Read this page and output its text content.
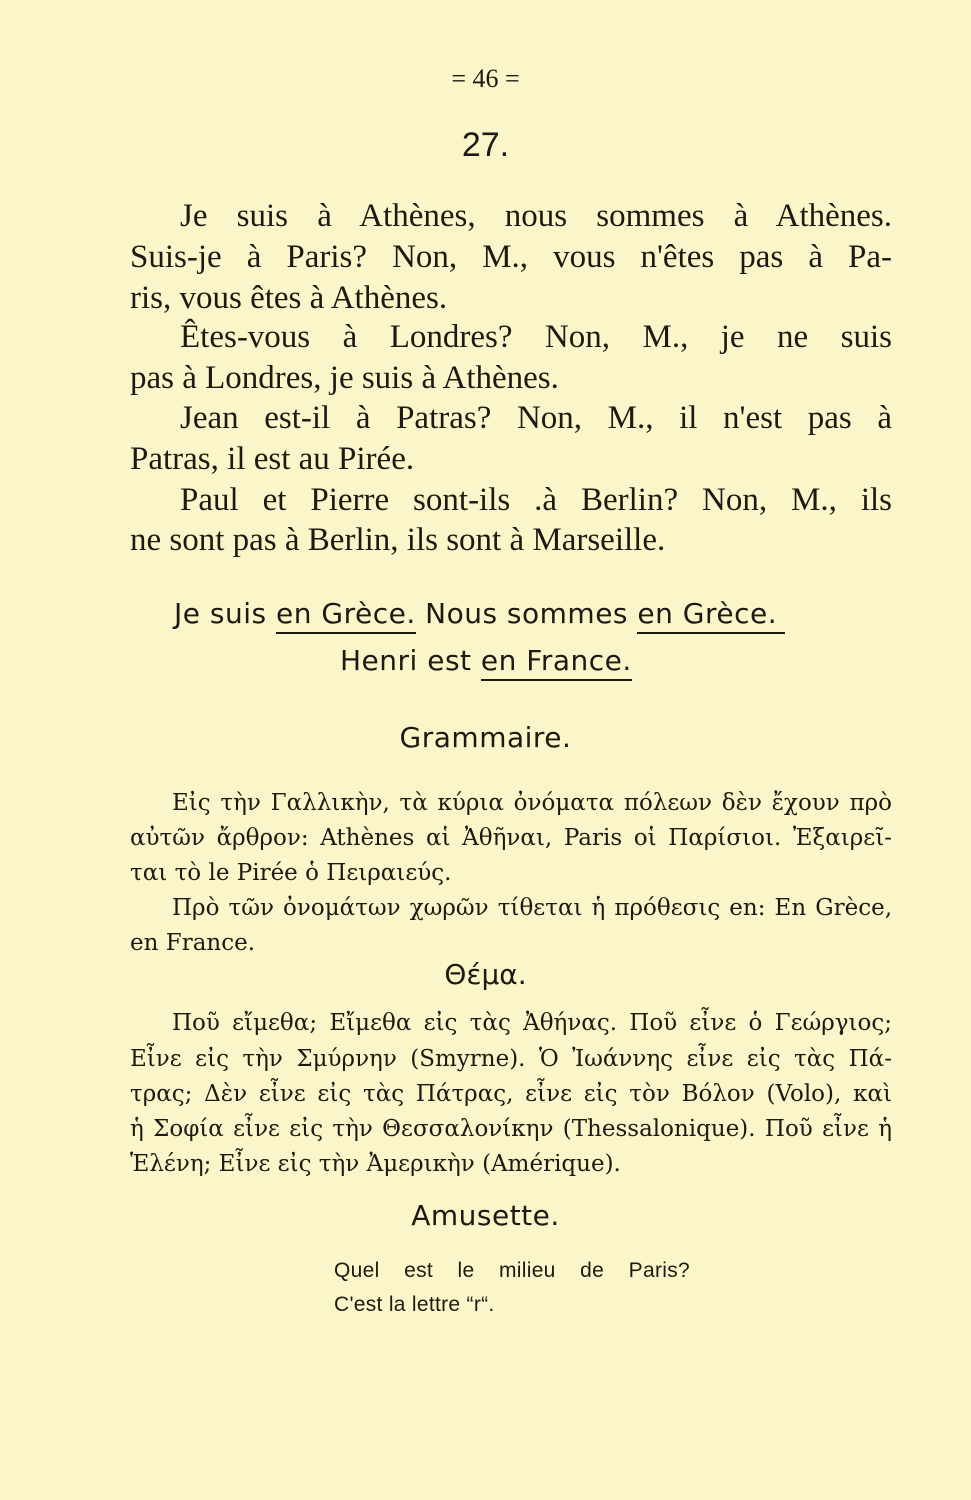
= 46 =
27.
Je suis à Athènes, nous sommes à Athènes.
Suis-je à Paris? Non, M., vous n'êtes pas à Pa-
ris, vous êtes à Athènes.
Êtes-vous à Londres? Non, M., je ne suis
pas à Londres, je suis à Athènes.
Jean est-il à Patras? Non, M., il n'est pas à
Patras, il est au Pirée.
Paul et Pierre sont-ils .à Berlin? Non, M., ils
ne sont pas à Berlin, ils sont à Marseille.
Je suis en Grèce. Nous sommes en Grèce.
Henri est en France.
Grammaire.
Εἰς τὴν Γαλλικὴν, τὰ κύρια ὀνόματα πόλεων δὲν ἔχουν πρὸ
αὐτῶν ἄρθρον: Athènes αἱ Ἀθῆναι, Paris οἱ Παρίσιοι. Ἐξαιρεῖ-
ται τὸ le Pirée ὁ Πειραιεύς.
Πρὸ τῶν ὀνομάτων χωρῶν τίθεται ἡ πρόθεσις en: En Grèce,
en France.
Θέμα.
Ποῦ εἴμεθα; Εἴμεθα εἰς τὰς Ἀθήνας. Ποῦ εἶνε ὁ Γεώργιος;
Εἶνε εἰς τὴν Σμύρνην (Smyrne). Ὁ Ἰωάννης εἶνε εἰς τὰς Πά-
τρας; Δὲν εἶνε εἰς τὰς Πάτρας, εἶνε εἰς τὸν Βόλον (Volo), καὶ
ἡ Σοφία εἶνε εἰς τὴν Θεσσαλονίκην (Thessalonique). Ποῦ εἶνε ἡ
Ἑλένη; Εἶνε εἰς τὴν Ἀμερικὴν (Amérique).
Amusette.
Quel est le milieu de Paris?
C'est la lettre “r“.
